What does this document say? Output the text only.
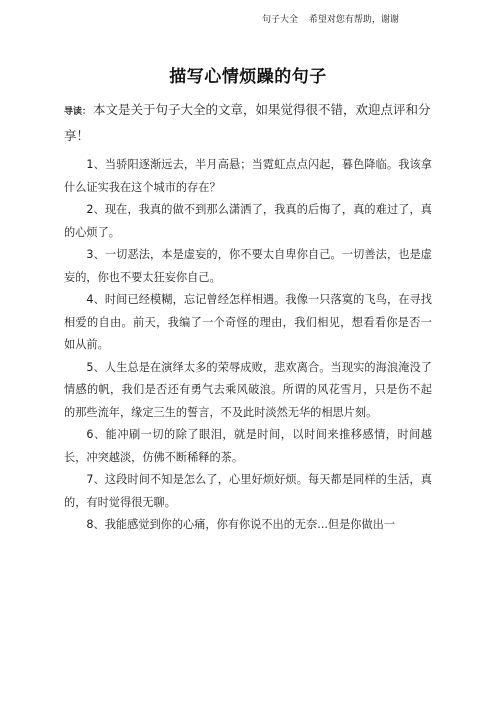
句子大全 希望对您有帮助，谢谢
描写心情烦躁的句子
导读： 本文是关于句子大全的文章，如果觉得很不错，欢迎点评和分享！

1、当骄阳逐渐远去，半月高悬；当霓虹点点闪起，暮色降临。我该拿什么证实我在这个城市的存在？

2、现在，我真的做不到那么潇洒了，我真的后悔了，真的难过了，真的心烦了。

3、一切恶法，本是虚妄的，你不要太自卑你自己。一切善法，也是虚妄的，你也不要太狂妄你自己。

4、时间已经模糊，忘记曾经怎样相遇。我像一只落寞的飞鸟，在寻找相爱的自由。前天，我编了一个奇怪的理由，我们相见，想看看你是否一如从前。

5、人生总是在演绎太多的荣辱成败，悲欢离合。当现实的海浪淹没了情感的帆，我们是否还有勇气去乘风破浪。所谓的风花雪月，只是伤不起的那些流年，缘定三生的誓言，不及此时淡然无华的相思片刻。

6、能冲刷一切的除了眼泪，就是时间，以时间来推移感情，时间越长，冲突越淡，仿佛不断稀释的茶。

7、这段时间不知是怎么了，心里好烦好烦。每天都是同样的生活，真的，有时觉得很无聊。

8、我能感觉到你的心痛，你有你说不出的无奈...但是你做出一
